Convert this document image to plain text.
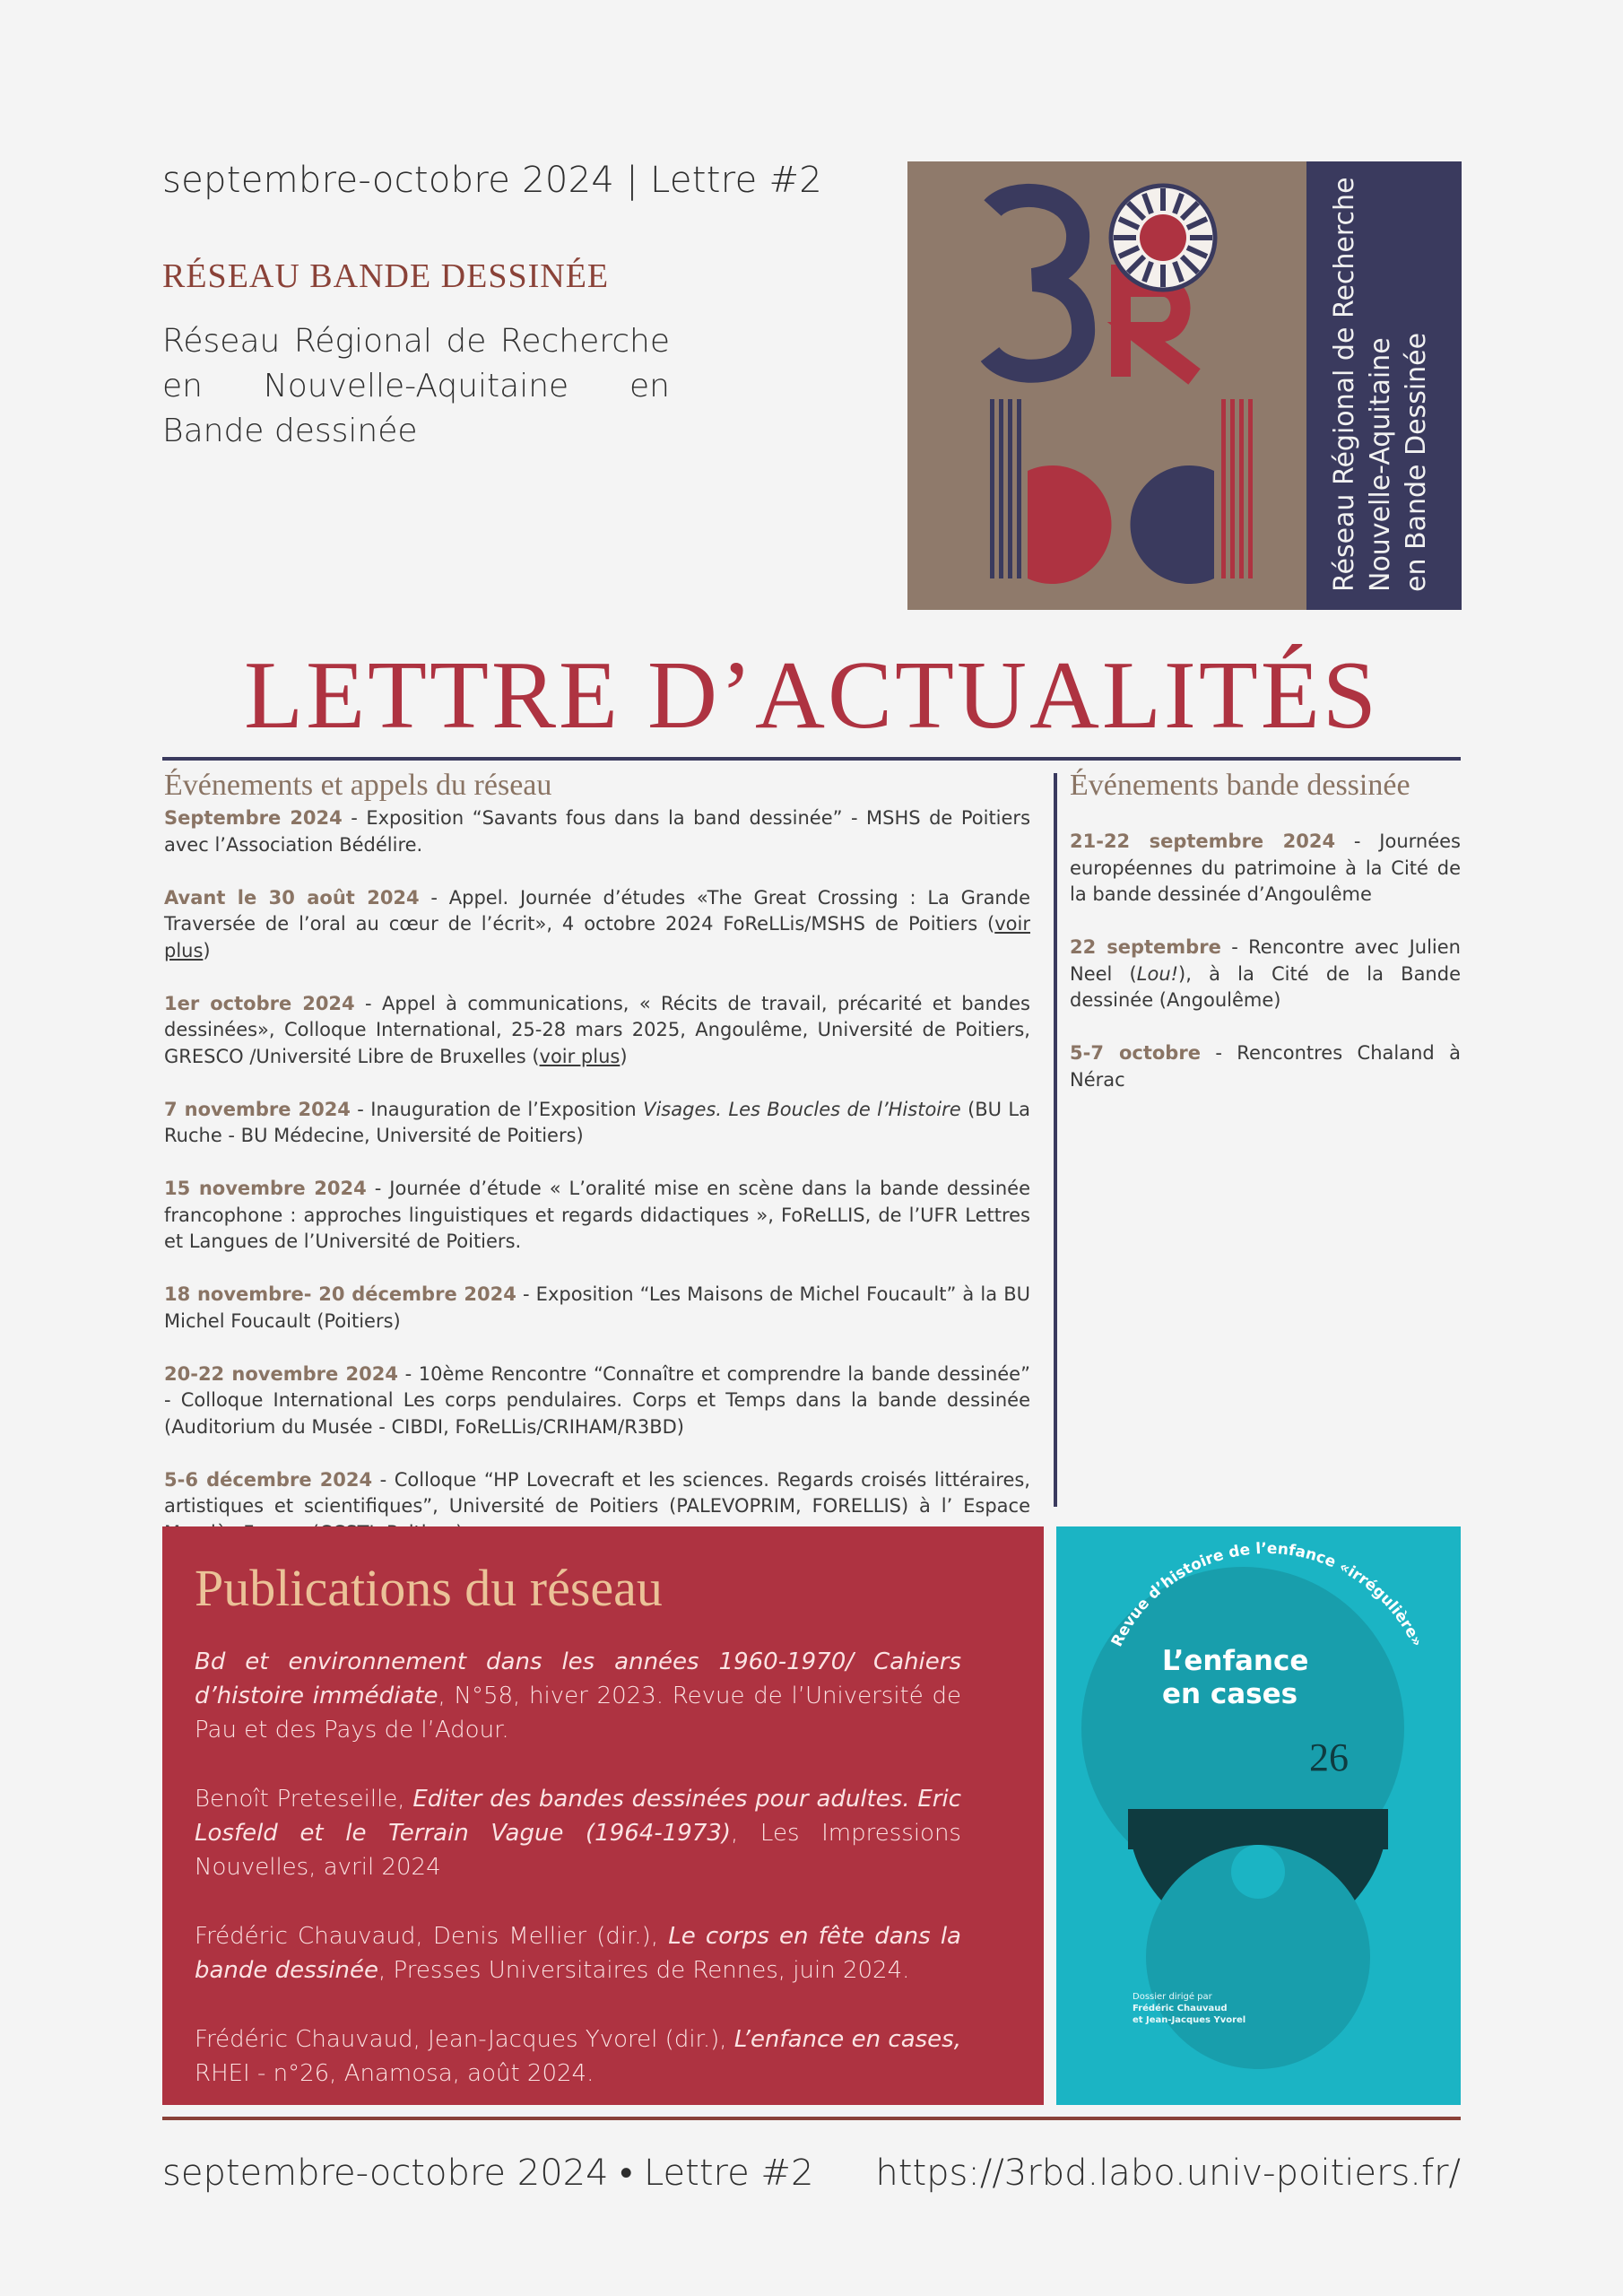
septembre-octobre 2024 | Lettre #2
RÉSEAU BANDE DESSINÉE
Réseau Régional de Recherche en Nouvelle-Aquitaine en Bande dessinée	Réseau Régional de Recherche Nouvelle-Aquitaine en Bande Dessinée
LETTRE D’ACTUALITÉS
Événements et appels du réseau
Septembre 2024 - Exposition “Savants fous dans la band dessinée” - MSHS de Poitiers avec l’Association Bédélire.
Avant le 30 août 2024 - Appel. Journée d’études «The Great Crossing : La Grande Traversée de l’oral au cœur de l’écrit», 4 octobre 2024 FoReLLis/MSHS de Poitiers (voir plus)
1er octobre 2024 - Appel à communications, « Récits de travail, précarité et bandes dessinées», Colloque International, 25-28 mars 2025, Angoulême, Université de Poitiers, GRESCO /Université Libre de Bruxelles (voir plus)
7 novembre 2024 - Inauguration de l’Exposition Visages. Les Boucles de l’Histoire (BU La Ruche - BU Médecine, Université de Poitiers)
15 novembre 2024 - Journée d’étude « L’oralité mise en scène dans la bande dessinée francophone : approches linguistiques et regards didactiques », FoReLLIS, de l’UFR Lettres et Langues de l’Université de Poitiers.
18 novembre- 20 décembre 2024 - Exposition “Les Maisons de Michel Foucault” à la BU Michel Foucault (Poitiers)
20-22 novembre 2024 - 10ème Rencontre “Connaître et comprendre la bande dessinée” - Colloque International Les corps pendulaires. Corps et Temps dans la bande dessinée (Auditorium du Musée - CIBDI, FoReLLis/CRIHAM/R3BD)
5-6 décembre 2024 - Colloque “HP Lovecraft et les sciences. Regards croisés littéraires, artistiques et scientifiques”, Université de Poitiers (PALEVOPRIM, FORELLIS) à l’ Espace
Événements bande dessinée
21-22 septembre 2024 - Journées européennes du patrimoine à la Cité de la bande dessinée d’Angoulême
22 septembre - Rencontre avec Julien Neel (Lou!), à la Cité de la Bande dessinée (Angoulême)
5-7 octobre - Rencontres Chaland à Nérac
Publications du réseau
Bd et environnement dans les années 1960-1970/ Cahiers d’histoire immédiate, N°58, hiver 2023. Revue de l’Université de Pau et des Pays de l’Adour.
Benoît Preteseille, Editer des bandes dessinées pour adultes. Eric Losfeld et le Terrain Vague (1964-1973), Les Impressions Nouvelles, avril 2024
Frédéric Chauvaud, Denis Mellier (dir.), Le corps en fête dans la bande dessinée, Presses Universitaires de Rennes, juin 2024.
Frédéric Chauvaud, Jean-Jacques Yvorel (dir.), L’enfance en cases, RHEI - n°26, Anamosa, août 2024.
Revue d’histoire de l’enfance «irrégulière»
L’enfance
en cases
26
Dossier dirigé par
Frédéric Chauvaud
et Jean-Jacques Yvorel
septembre-octobre 2024 • Lettre #2 https://3rbd.labo.univ-poitiers.fr/
